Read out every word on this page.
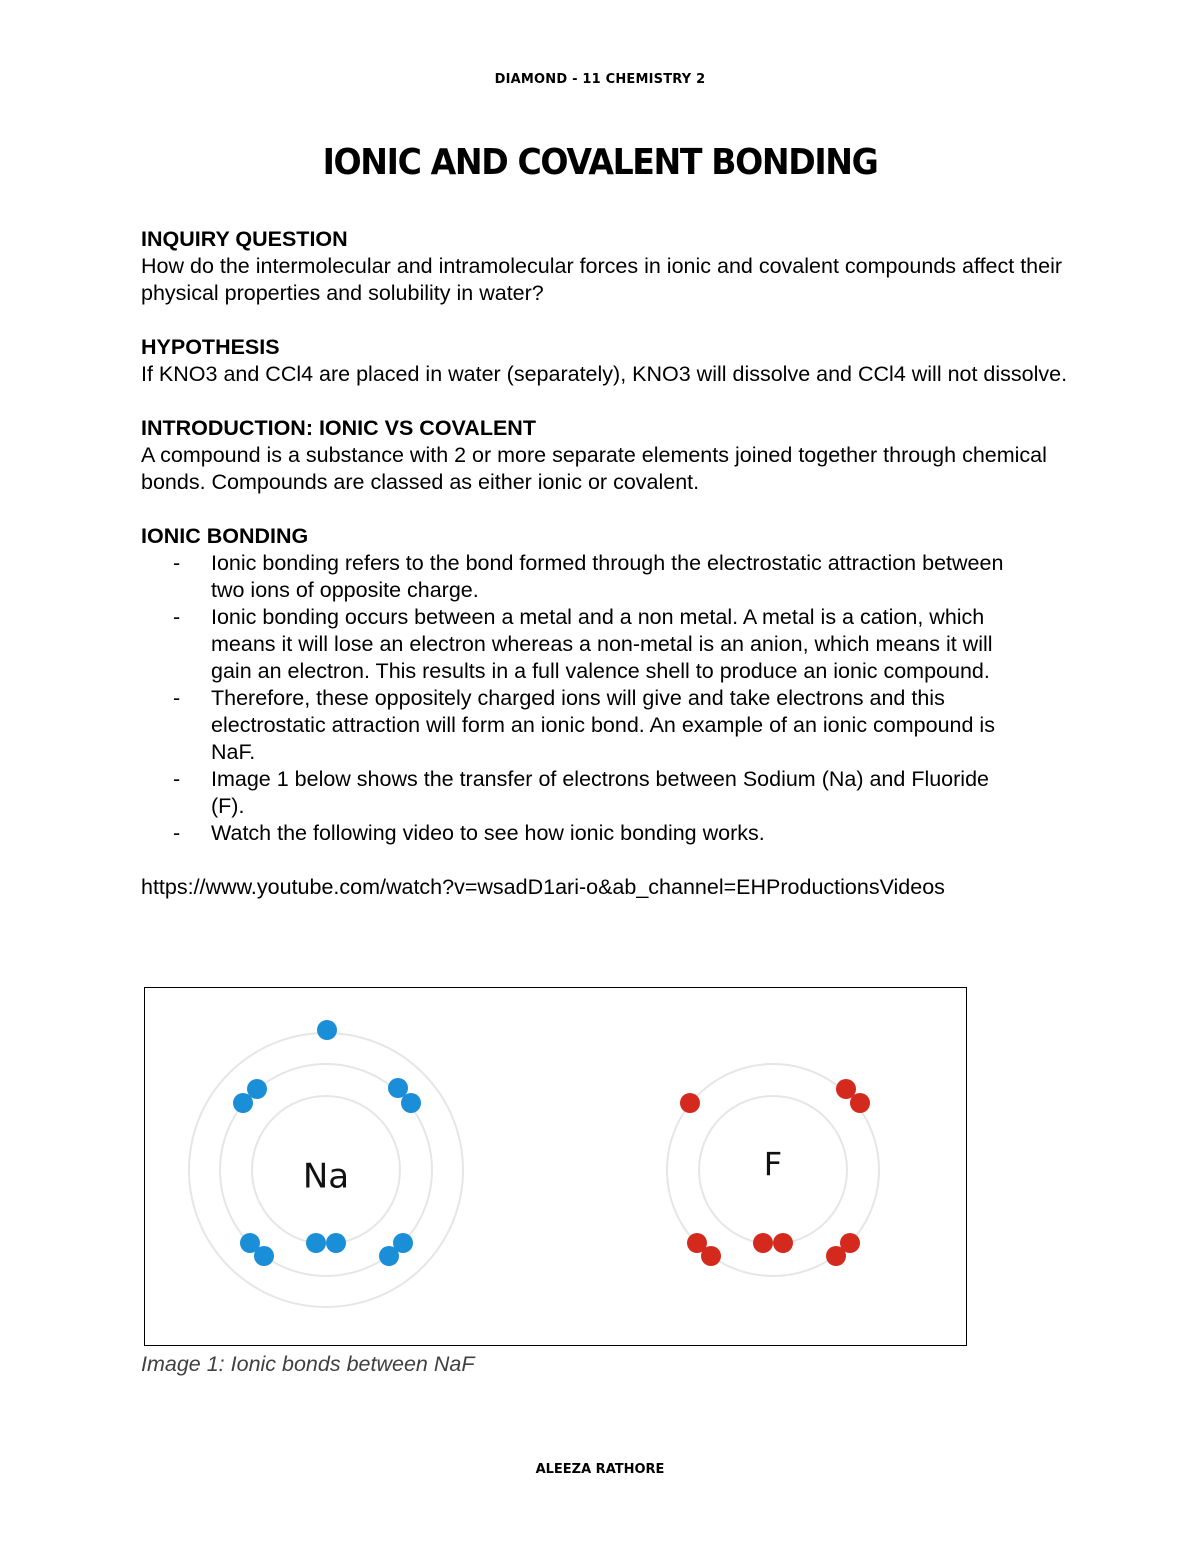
DIAMOND - 11 CHEMISTRY 2
IONIC AND COVALENT BONDING
INQUIRY QUESTION
How do the intermolecular and intramolecular forces in ionic and covalent compounds affect their physical properties and solubility in water?
HYPOTHESIS
If KNO3 and CCl4 are placed in water (separately), KNO3 will dissolve and CCl4 will not dissolve.
INTRODUCTION: IONIC VS COVALENT
A compound is a substance with 2 or more separate elements joined together through chemical bonds. Compounds are classed as either ionic or covalent.
IONIC BONDING
- Ionic bonding refers to the bond formed through the electrostatic attraction between two ions of opposite charge.
- Ionic bonding occurs between a metal and a non metal. A metal is a cation, which means it will lose an electron whereas a non-metal is an anion, which means it will gain an electron. This results in a full valence shell to produce an ionic compound.
- Therefore, these oppositely charged ions will give and take electrons and this electrostatic attraction will form an ionic bond. An example of an ionic compound is NaF.
- Image 1 below shows the transfer of electrons between Sodium (Na) and Fluoride (F).
- Watch the following video to see how ionic bonding works.
https://www.youtube.com/watch?v=wsadD1ari-o&ab_channel=EHProductionsVideos
Na	F
Image 1: Ionic bonds between NaF
ALEEZA RATHORE
